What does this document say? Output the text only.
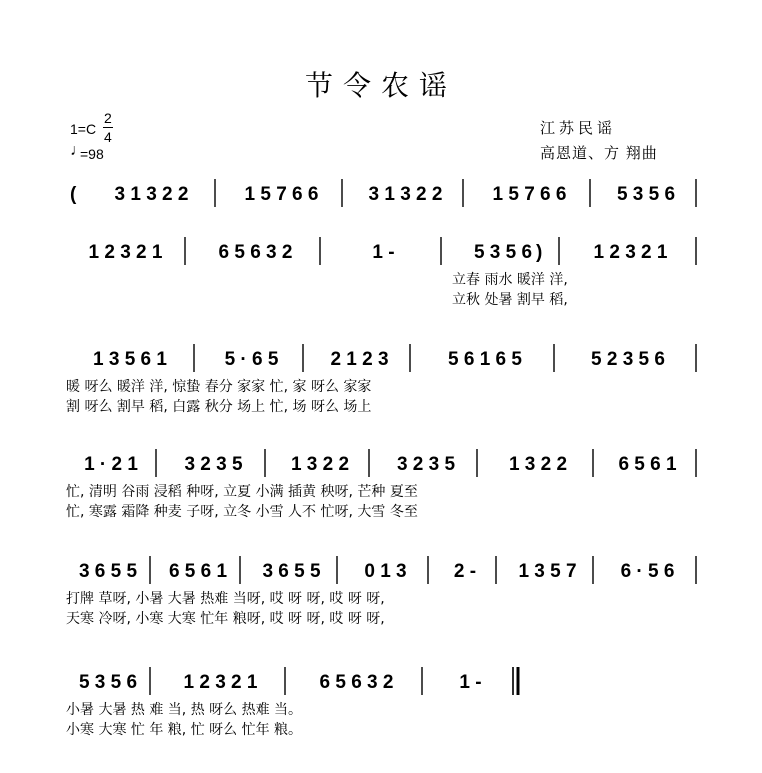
节令农谣
1=C
2
4
♩
=98
江苏民谣
高恩道、方 翔曲
( 3 1 3 2 2	1 5 7 6 6	3 1 3 2 2	1 5 7 6 6	5 3 5 6
1 2 3 2 1	6 5 6 3 2	1 -	5 3 5 6	1 2 3 2 1
)
立春 雨水 暖洋 洋,
立秋 处暑 割早 稻,
1 3 5 6 1	5 · 6 5	2 1 2 3	5 6 1 6 5	5 2 3 5 6
暖 呀么 暖洋 洋, 惊蛰 春分 家家 忙, 家 呀么 家家
割 呀么 割早 稻, 白露 秋分 场上 忙, 场 呀么 场上
1 · 2 1 3 2 3 5	1 3 2 2	3 2 3 5	1 3 2 2	6 5 6 1
忙, 清明 谷雨 浸稻 种呀, 立夏 小满 插黄 秧呀, 芒种 夏至
忙, 寒露 霜降 种麦 子呀, 立冬 小雪 人不 忙呀, 大雪 冬至
3 6 5 5 6 5 6 1 3 6 5 5 0 1 3 2 - 1 3 5 7 6 · 5 6
打牌 草呀, 小暑 大暑 热难 当呀, 哎 呀 呀, 哎 呀 呀,
天寒 冷呀, 小寒 大寒 忙年 粮呀, 哎 呀 呀, 哎 呀 呀,
5 3 5 6 1 2 3 2 1	6 5 6 3 2	1 -
小暑 大暑 热 难 当, 热 呀么 热难 当。
小寒 大寒 忙 年 粮, 忙 呀么 忙年 粮。
